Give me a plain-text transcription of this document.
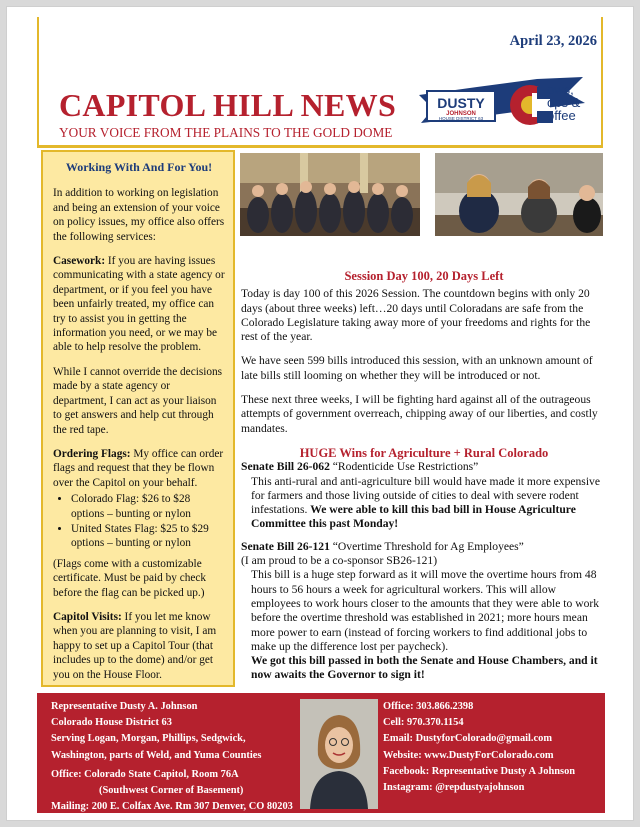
April 23, 2026
DUSTY
JOHNSON
HOUSE DISTRICT 63
ows,
ops &
offee
CAPITOL HILL NEWS
YOUR VOICE FROM THE PLAINS TO THE GOLD DOME
Working With And For You!

In addition to working on legislation and being an extension of your voice on policy issues, my office also offers the following services:

Casework: If you are having issues communicating with a state agency or department, or if you feel you have been unfairly treated, my office can try to assist you in getting the information you need, or we may be able to help resolve the problem.

While I cannot override the decisions made by a state agency or department, I can act as your liaison to get answers and help cut through the red tape.

Ordering Flags: My office can order flags and request that they be flown over the Capitol on your behalf.

• Colorado Flag: $26 to $28 options – bunting or nylon
• United States Flag: $25 to $29 options – bunting or nylon

(Flags come with a customizable certificate. Must be paid by check before the flag can be picked up.)

Capitol Visits: If you let me know when you are planning to visit, I am happy to set up a Capitol Tour (that includes up to the dome) and/or get you on the House Floor.

Session Day 100, 20 Days Left

Today is day 100 of this 2026 Session. The countdown begins with only 20 days (about three weeks) left…20 days until Coloradans are safe from the Colorado Legislature taking away more of your freedoms and rights for the rest of the year.

We have seen 599 bills introduced this session, with an unknown amount of late bills still looming on whether they will be introduced or not.

These next three weeks, I will be fighting hard against all of the outrageous attempts of government overreach, chipping away of our liberties, and costly mandates.

HUGE Wins for Agriculture + Rural Colorado
Senate Bill 26-062 “Rodenticide Use Restrictions”
This anti-rural and anti-agriculture bill would have made it more expensive for farmers and those living outside of cities to deal with severe rodent infestations. We were able to kill this bad bill in House Agriculture Committee this past Monday!
Senate Bill 26-121 “Overtime Threshold for Ag Employees”
(I am proud to be a co-sponsor SB26-121)
This bill is a huge step forward as it will move the overtime hours from 48 hours to 56 hours a week for agricultural workers. This will allow employees to work hours closer to the amounts that they were able to work before the overtime threshold was established in 2021; more hours mean more power to earn (instead of forcing workers to find additional jobs to make up the difference lost per paycheck).
We got this bill passed in both the Senate and House Chambers, and it now awaits the Governor to sign it!
Representative Dusty A. Johnson
Colorado House District 63
Serving Logan, Morgan, Phillips, Sedgwick,
Washington, parts of Weld, and Yuma Counties
Office: Colorado State Capitol, Room 76A
(Southwest Corner of Basement)
Mailing: 200 E. Colfax Ave. Rm 307 Denver, CO 80203
Office: 303.866.2398
Cell: 970.370.1154
Email: DustyforColorado@gmail.com
Website: www.DustyForColorado.com
Facebook: Representative Dusty A Johnson
Instagram: @repdustyajohnson
